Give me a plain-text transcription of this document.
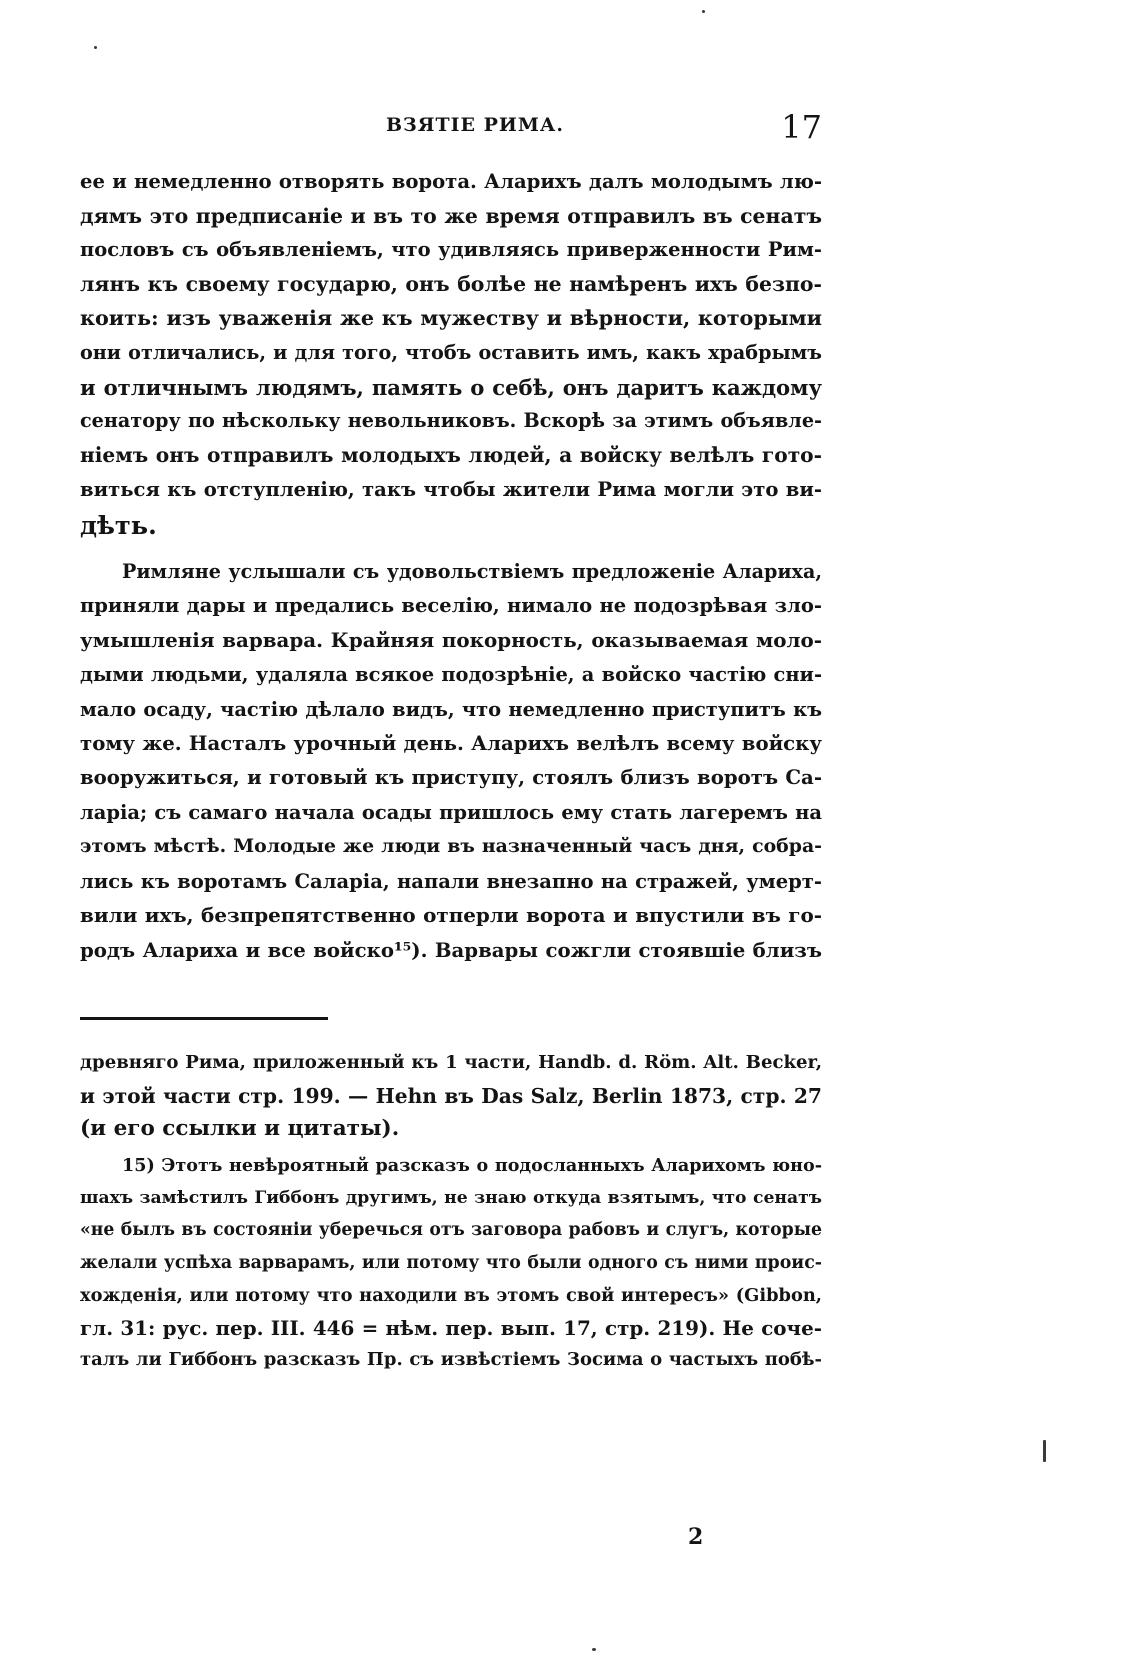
ВЗЯТІЕ РИМА.	17
ее и немедленно отворять ворота. Аларихъ далъ молодымъ лю-
дямъ это предписаніе и въ то же время отправилъ въ сенатъ
пословъ съ объявленіемъ, что удивляясь приверженности Рим-
лянъ къ своему государю, онъ болѣе не намѣренъ ихъ безпо-
коить: изъ уваженія же къ мужеству и вѣрности, которыми
они отличались, и для того, чтобъ оставить имъ, какъ храбрымъ
и отличнымъ людямъ, память о себѣ, онъ даритъ каждому
сенатору по нѣскольку невольниковъ. Вскорѣ за этимъ объявле-
ніемъ онъ отправилъ молодыхъ людей, а войску велѣлъ гото-
виться къ отступленію, такъ чтобы жители Рима могли это ви-
дѣть.
Римляне услышали съ удовольствіемъ предложеніе Алариха,
приняли дары и предались веселію, нимало не подозрѣвая зло-
умышленія варвара. Крайняя покорность, оказываемая моло-
дыми людьми, удаляла всякое подозрѣніе, а войско частію сни-
мало осаду, частію дѣлало видъ, что немедленно приступитъ къ
тому же. Насталъ урочный день. Аларихъ велѣлъ всему войску
вооружиться, и готовый къ приступу, стоялъ близъ воротъ Са-
ларіа; съ самаго начала осады пришлось ему стать лагеремъ на
этомъ мѣстѣ. Молодые же люди въ назначенный часъ дня, собра-
лись къ воротамъ Саларіа, напали внезапно на стражей, умерт-
вили ихъ, безпрепятственно отперли ворота и впустили въ го-
родъ Алариха и все войско¹⁵). Варвары сожгли стоявшіе близъ
древняго Рима, приложенный къ 1 части, Handb. d. Röm. Alt. Becker,
и этой части стр. 199. — Hehn въ Das Salz, Berlin 1873, стр. 27
(и его ссылки и цитаты).
15) Этотъ невѣроятный разсказъ о подосланныхъ Аларихомъ юно-
шахъ замѣстилъ Гиббонъ другимъ, не знаю откуда взятымъ, что сенатъ
«не былъ въ состояніи уберечься отъ заговора рабовъ и слугъ, которые
желали успѣха варварамъ, или потому что были одного съ ними проис-
хожденія, или потому что находили въ этомъ свой интересъ» (Gibbon,
гл. 31: рус. пер. III. 446 = нѣм. пер. вып. 17, стр. 219). Не сочe-
талъ ли Гиббонъ разсказъ Пр. съ извѣстіемъ Зосима о частыхъ побѣ-
2
